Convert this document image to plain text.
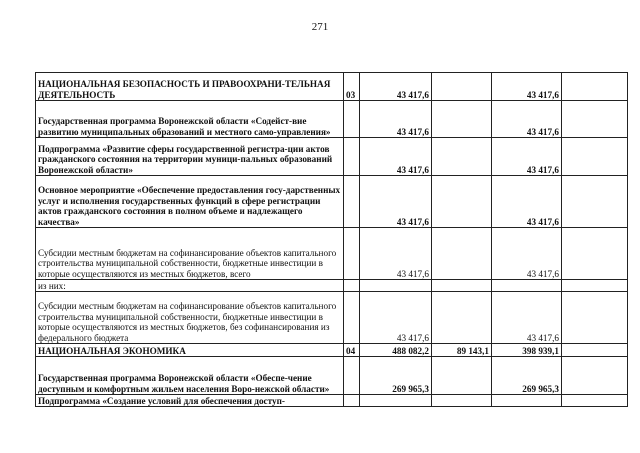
271
НАЦИОНАЛЬНАЯ БЕЗОПАСНОСТЬ И ПРАВООХРАНИ-ТЕЛЬНАЯ ДЕЯТЕЛЬНОСТЬ	03	43 417,6		43 417,6	
Государственная программа Воронежской области «Содейст-вие развитию муниципальных образований и местного само-управления»		43 417,6		43 417,6	
Подпрограмма «Развитие сферы государственной регистра-ции актов гражданского состояния на территории муници-пальных образований Воронежской области»		43 417,6		43 417,6	
Основное мероприятие «Обеспечение предоставления госу-дарственных услуг и исполнения государственных функций в сфере регистрации актов гражданского состояния в полном объеме и надлежащего качества»		43 417,6		43 417,6	
Субсидии местным бюджетам на софинансирование объектов капитального строительства муниципальной собственности, бюджетные инвестиции в которые осуществляются из местных бюджетов, всего		43 417,6		43 417,6	
из них:					
Субсидии местным бюджетам на софинансирование объектов капитального строительства муниципальной собственности, бюджетные инвестиции в которые осуществляются из местных бюджетов, без софинансирования из федерального бюджета		43 417,6		43 417,6	
НАЦИОНАЛЬНАЯ ЭКОНОМИКА	04	488 082,2	89 143,1	398 939,1	
Государственная программа Воронежской области «Обеспе-чение доступным и комфортным жильем населения Воро-нежской области»		269 965,3		269 965,3	
Подпрограмма «Создание условий для обеспечения доступ-					
